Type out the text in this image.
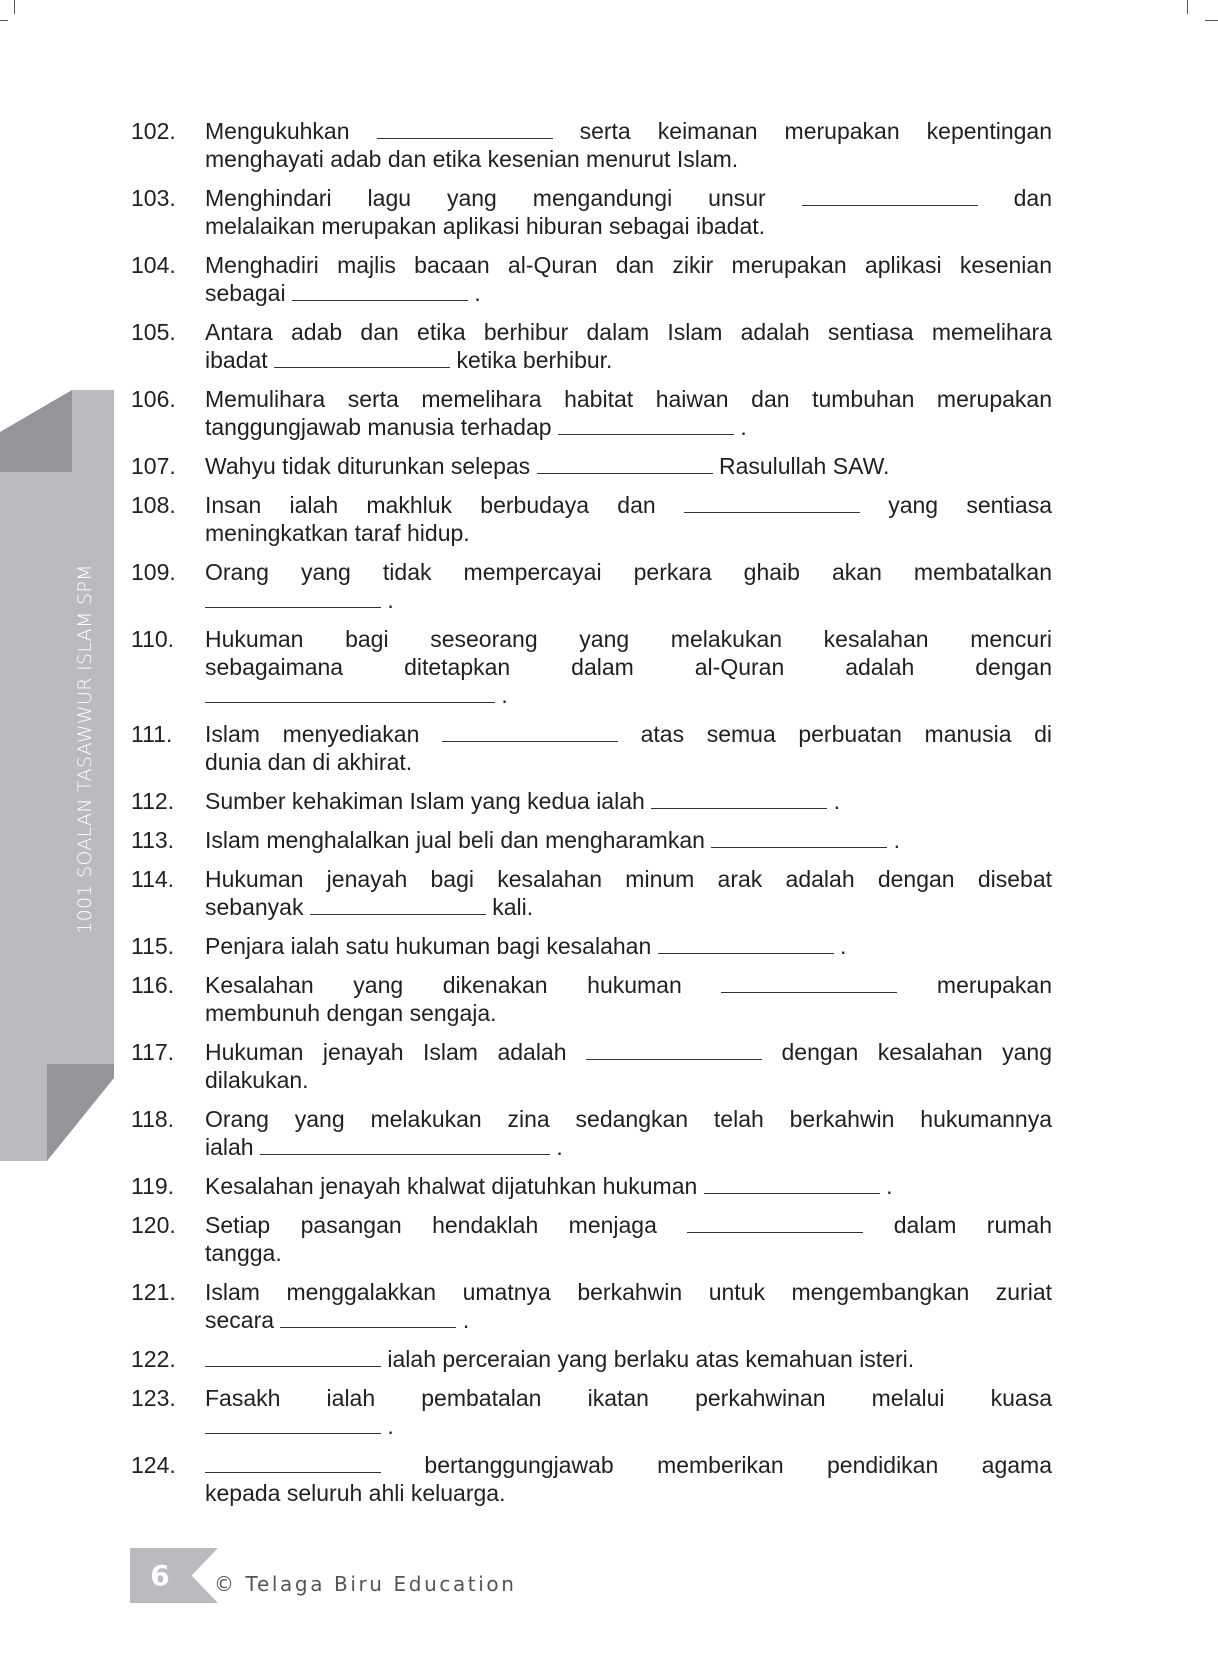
1001 SOALAN TASAWWUR ISLAM SPM
102.	Mengukuhkan	serta keimanan merupakan kepentingan
menghayati adab dan etika kesenian menurut Islam.
103.	Menghindari lagu yang mengandungi unsur	dan
melalaikan merupakan aplikasi hiburan sebagai ibadat.
104.	Menghadiri majlis bacaan al-Quran dan zikir merupakan aplikasi kesenian
sebagai	.
105.	Antara adab dan etika berhibur dalam Islam adalah sentiasa memelihara
ibadat	ketika berhibur.
106.	Memulihara serta memelihara habitat haiwan dan tumbuhan merupakan
tanggungjawab manusia terhadap	.
107.	Wahyu tidak diturunkan selepas	Rasulullah SAW.
108.	Insan ialah makhluk berbudaya dan	yang sentiasa
meningkatkan taraf hidup.
109.	Orang yang tidak mempercayai perkara ghaib akan membatalkan
.
110.	Hukuman bagi seseorang yang melakukan kesalahan mencuri
sebagaimana ditetapkan dalam al-Quran adalah dengan
.
111.	Islam menyediakan	atas semua perbuatan manusia di
dunia dan di akhirat.
112.	Sumber kehakiman Islam yang kedua ialah	.
113.	Islam menghalalkan jual beli dan mengharamkan	.
114.	Hukuman jenayah bagi kesalahan minum arak adalah dengan disebat
sebanyak	kali.
115.	Penjara ialah satu hukuman bagi kesalahan	.
116.	Kesalahan yang dikenakan hukuman	merupakan
membunuh dengan sengaja.
117.	Hukuman jenayah Islam adalah	dengan kesalahan yang
dilakukan.
118.	Orang yang melakukan zina sedangkan telah berkahwin hukumannya
ialah	.
119.	Kesalahan jenayah khalwat dijatuhkan hukuman	.
120.	Setiap pasangan hendaklah menjaga	dalam rumah
tangga.
121.	Islam menggalakkan umatnya berkahwin untuk mengembangkan zuriat
secara	.
122.	ialah perceraian yang berlaku atas kemahuan isteri.
123.	Fasakh ialah pembatalan ikatan perkahwinan melalui kuasa
.
124.	bertanggungjawab memberikan pendidikan agama
kepada seluruh ahli keluarga.
6	© Telaga Biru Education
